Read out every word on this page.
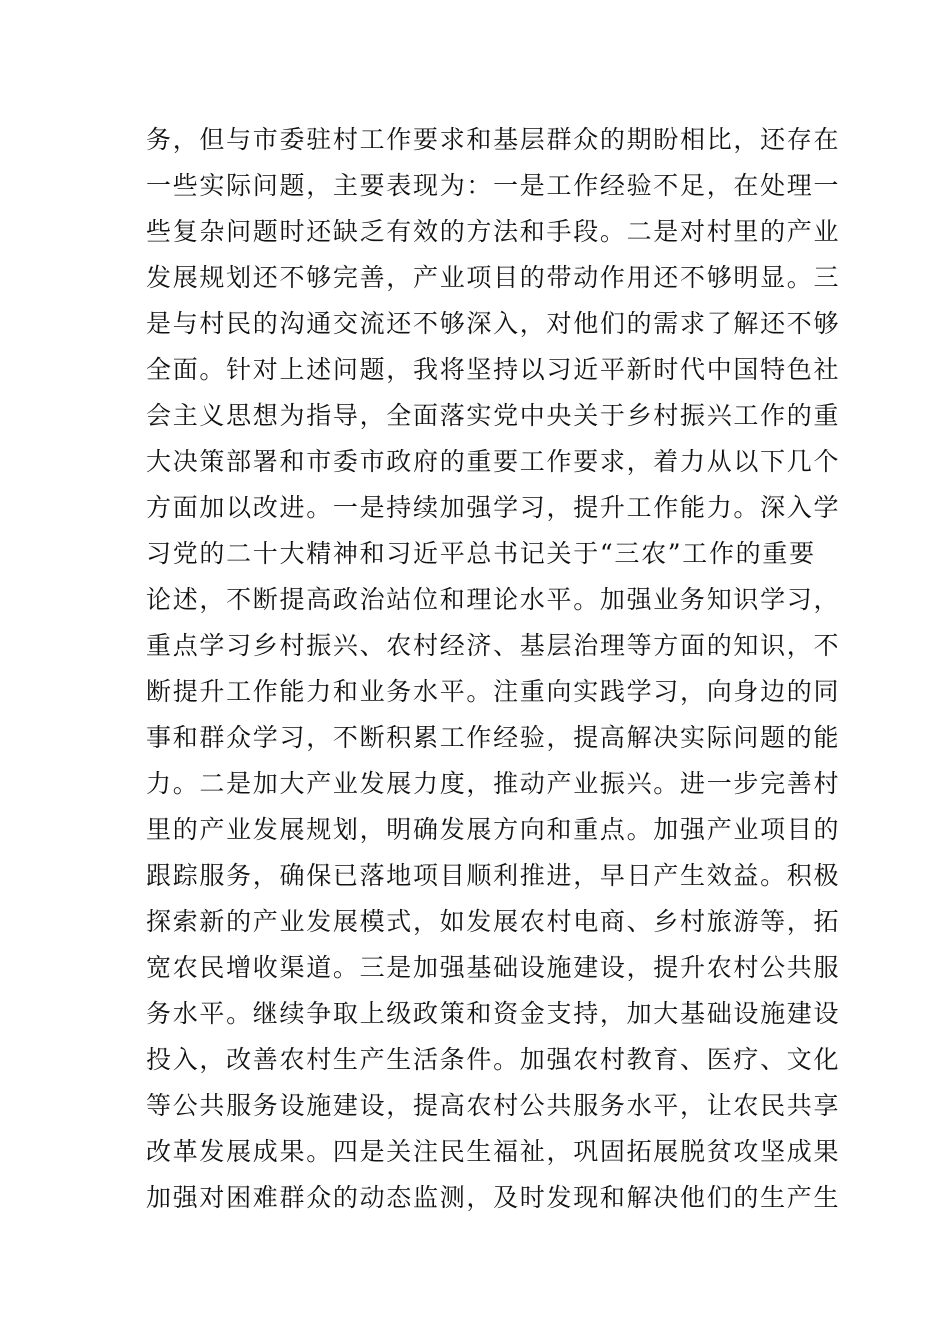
务，但与市委驻村工作要求和基层群众的期盼相比，还存在
一些实际问题，主要表现为：一是工作经验不足，在处理一
些复杂问题时还缺乏有效的方法和手段。二是对村里的产业
发展规划还不够完善，产业项目的带动作用还不够明显。三
是与村民的沟通交流还不够深入，对他们的需求了解还不够
全面。针对上述问题，我将坚持以习近平新时代中国特色社
会主义思想为指导，全面落实党中央关于乡村振兴工作的重
大决策部署和市委市政府的重要工作要求，着力从以下几个
方面加以改进。一是持续加强学习，提升工作能力。深入学
习党的二十大精神和习近平总书记关于“三农”工作的重要
论述，不断提高政治站位和理论水平。加强业务知识学习，
重点学习乡村振兴、农村经济、基层治理等方面的知识，不
断提升工作能力和业务水平。注重向实践学习，向身边的同
事和群众学习，不断积累工作经验，提高解决实际问题的能
力。二是加大产业发展力度，推动产业振兴。进一步完善村
里的产业发展规划，明确发展方向和重点。加强产业项目的
跟踪服务，确保已落地项目顺利推进，早日产生效益。积极
探索新的产业发展模式，如发展农村电商、乡村旅游等，拓
宽农民增收渠道。三是加强基础设施建设，提升农村公共服
务水平。继续争取上级政策和资金支持，加大基础设施建设
投入，改善农村生产生活条件。加强农村教育、医疗、文化
等公共服务设施建设，提高农村公共服务水平，让农民共享
改革发展成果。四是关注民生福祉，巩固拓展脱贫攻坚成果
加强对困难群众的动态监测，及时发现和解决他们的生产生
